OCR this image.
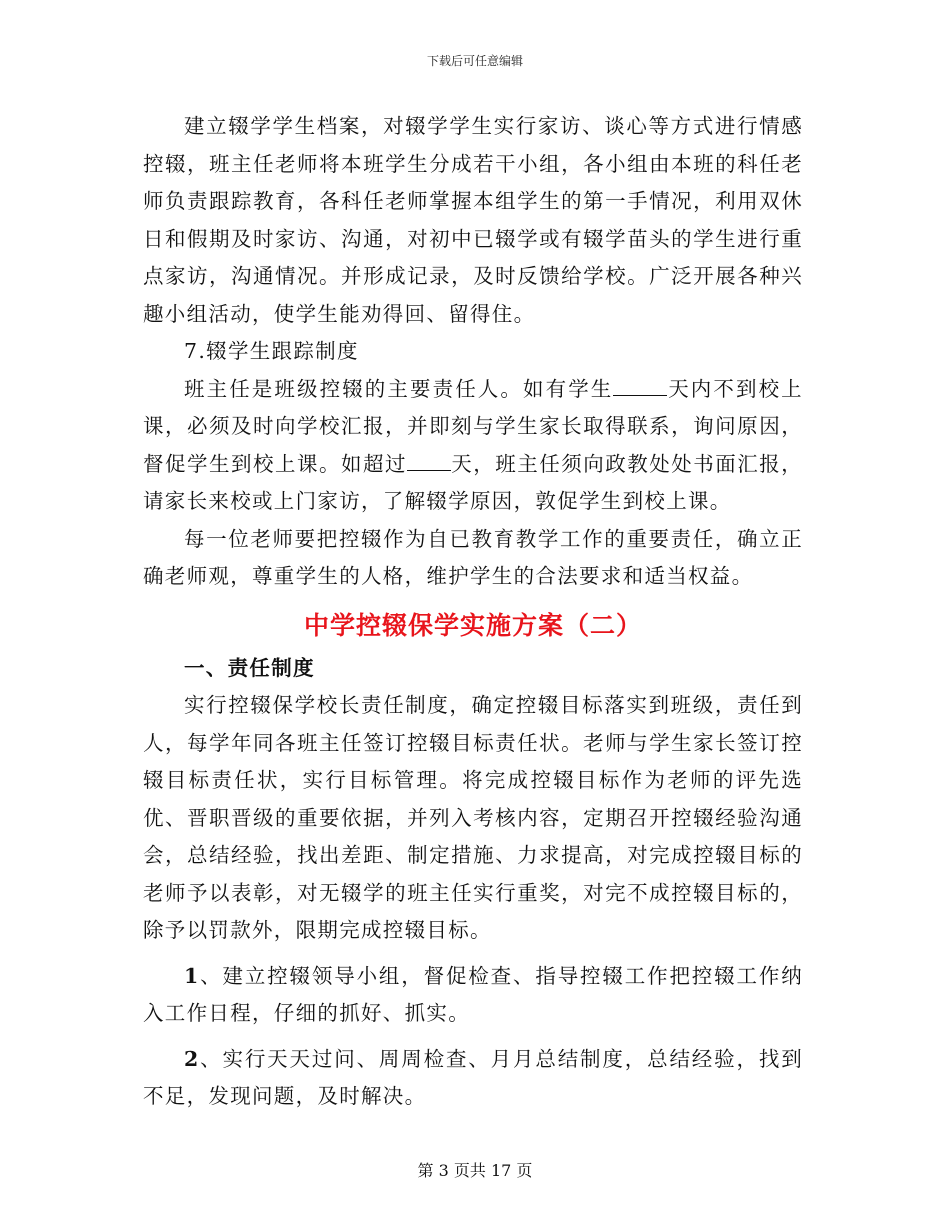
下载后可任意编辑

建立辍学学生档案，对辍学学生实行家访、谈心等方式进行情感控辍，班主任老师将本班学生分成若干小组，各小组由本班的科任老师负责跟踪教育，各科任老师掌握本组学生的第一手情况，利用双休日和假期及时家访、沟通，对初中已辍学或有辍学苗头的学生进行重点家访，沟通情况。并形成记录，及时反馈给学校。广泛开展各种兴趣小组活动，使学生能劝得回、留得住。

7.辍学生跟踪制度

班主任是班级控辍的主要责任人。如有学生	天内不到校上课，必须及时向学校汇报，并即刻与学生家长取得联系，询问原因，督促学生到校上课。如超过 天，班主任须向政教处处书面汇报，请家长来校或上门家访，了解辍学原因，敦促学生到校上课。

每一位老师要把控辍作为自已教育教学工作的重要责任，确立正确老师观，尊重学生的人格，维护学生的合法要求和适当权益。

中学控辍保学实施方案（二）

一、责任制度

实行控辍保学校长责任制度，确定控辍目标落实到班级，责任到人，每学年同各班主任签订控辍目标责任状。老师与学生家长签订控辍目标责任状，实行目标管理。将完成控辍目标作为老师的评先选优、晋职晋级的重要依据，并列入考核内容，定期召开控辍经验沟通会，总结经验，找出差距、制定措施、力求提高，对完成控辍目标的老师予以表彰，对无辍学的班主任实行重奖，对完不成控辍目标的，除予以罚款外，限期完成控辍目标。

1、建立控辍领导小组，督促检查、指导控辍工作把控辍工作纳入工作日程，仔细的抓好、抓实。

2、实行天天过问、周周检查、月月总结制度，总结经验，找到不足，发现问题，及时解决。

第 3 页共 17 页
